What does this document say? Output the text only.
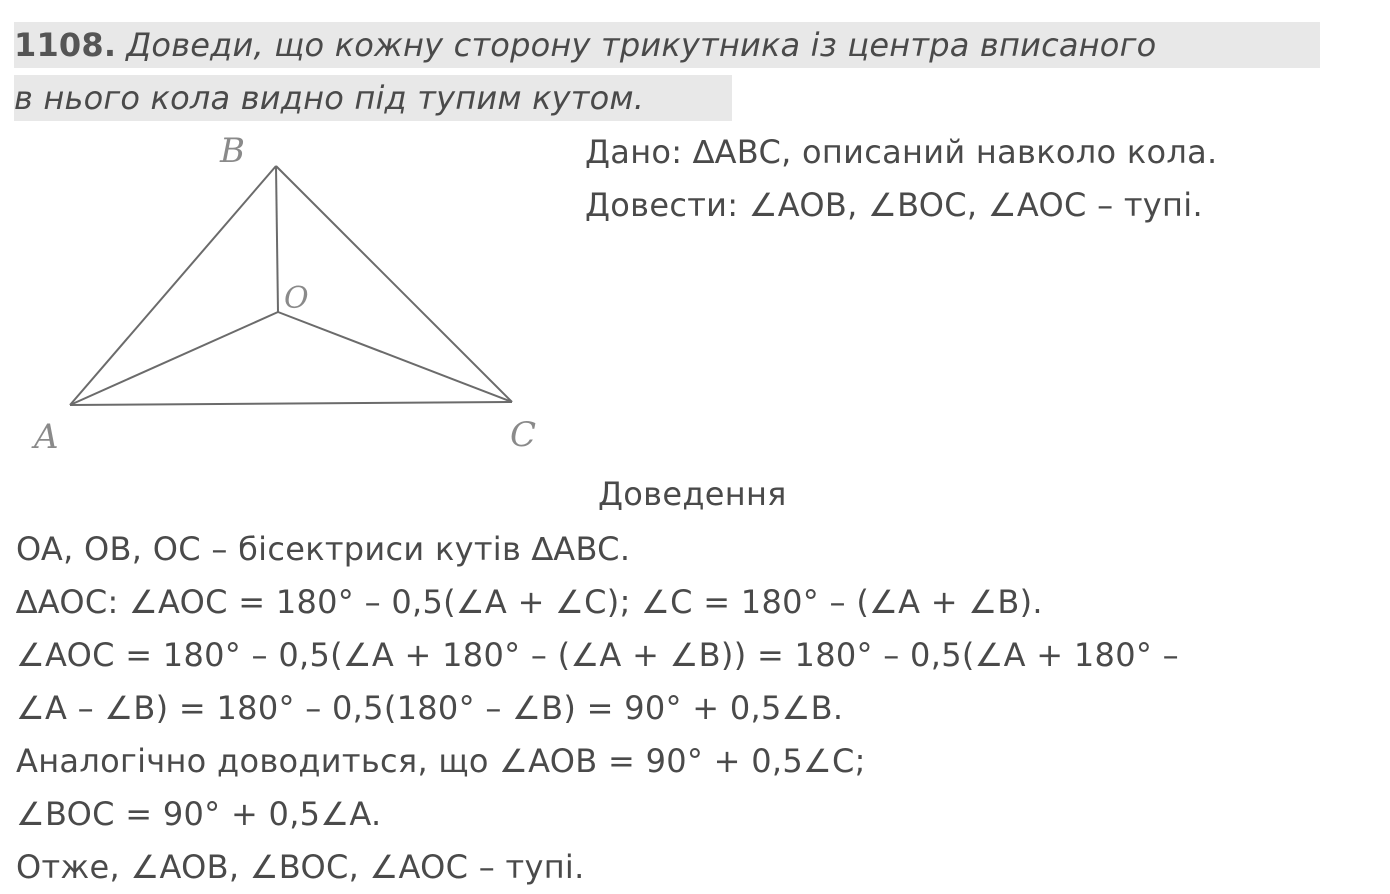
1108. Доведи, що кожну сторону трикутника із центра вписаного
в нього кола видно під тупим кутом.
B
O
A	C
Дано: ∆ABC, описаний навколо кола.
Довести: ∠AOB, ∠BOC, ∠AOC – тупі.
Доведення
OA, OB, OC – бісектриси кутів ∆ABC.
∆AOC: ∠AOC = 180° – 0,5(∠A + ∠C); ∠C = 180° – (∠A + ∠B).
∠AOC = 180° – 0,5(∠A + 180° – (∠A + ∠B)) = 180° – 0,5(∠A + 180° –
∠A – ∠B) = 180° – 0,5(180° – ∠B) = 90° + 0,5∠B.
Аналогічно доводиться, що ∠AOB = 90° + 0,5∠C;
∠BOC = 90° + 0,5∠A.
Отже, ∠AOB, ∠BOC, ∠AOC – тупі.
